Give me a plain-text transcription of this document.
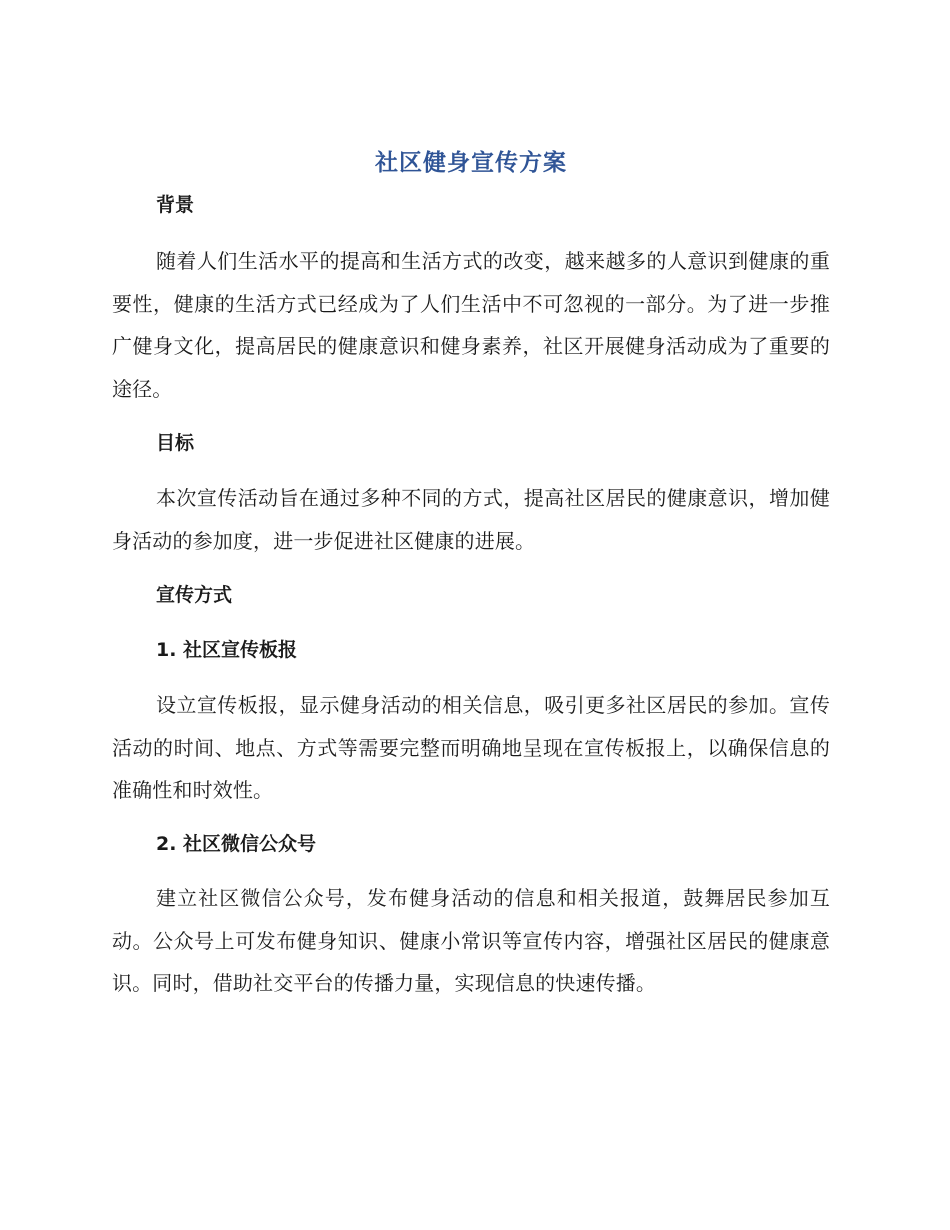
社区健身宣传方案
背景

随着人们生活水平的提高和生活方式的改变，越来越多的人意识到健康的重要性，健康的生活方式已经成为了人们生活中不可忽视的一部分。为了进一步推广健身文化，提高居民的健康意识和健身素养，社区开展健身活动成为了重要的途径。

目标

本次宣传活动旨在通过多种不同的方式，提高社区居民的健康意识，增加健身活动的参加度，进一步促进社区健康的进展。

宣传方式
1. 社区宣传板报

设立宣传板报，显示健身活动的相关信息，吸引更多社区居民的参加。宣传活动的时间、地点、方式等需要完整而明确地呈现在宣传板报上，以确保信息的准确性和时效性。

2. 社区微信公众号

建立社区微信公众号，发布健身活动的信息和相关报道，鼓舞居民参加互动。公众号上可发布健身知识、健康小常识等宣传内容，增强社区居民的健康意识。同时，借助社交平台的传播力量，实现信息的快速传播。
